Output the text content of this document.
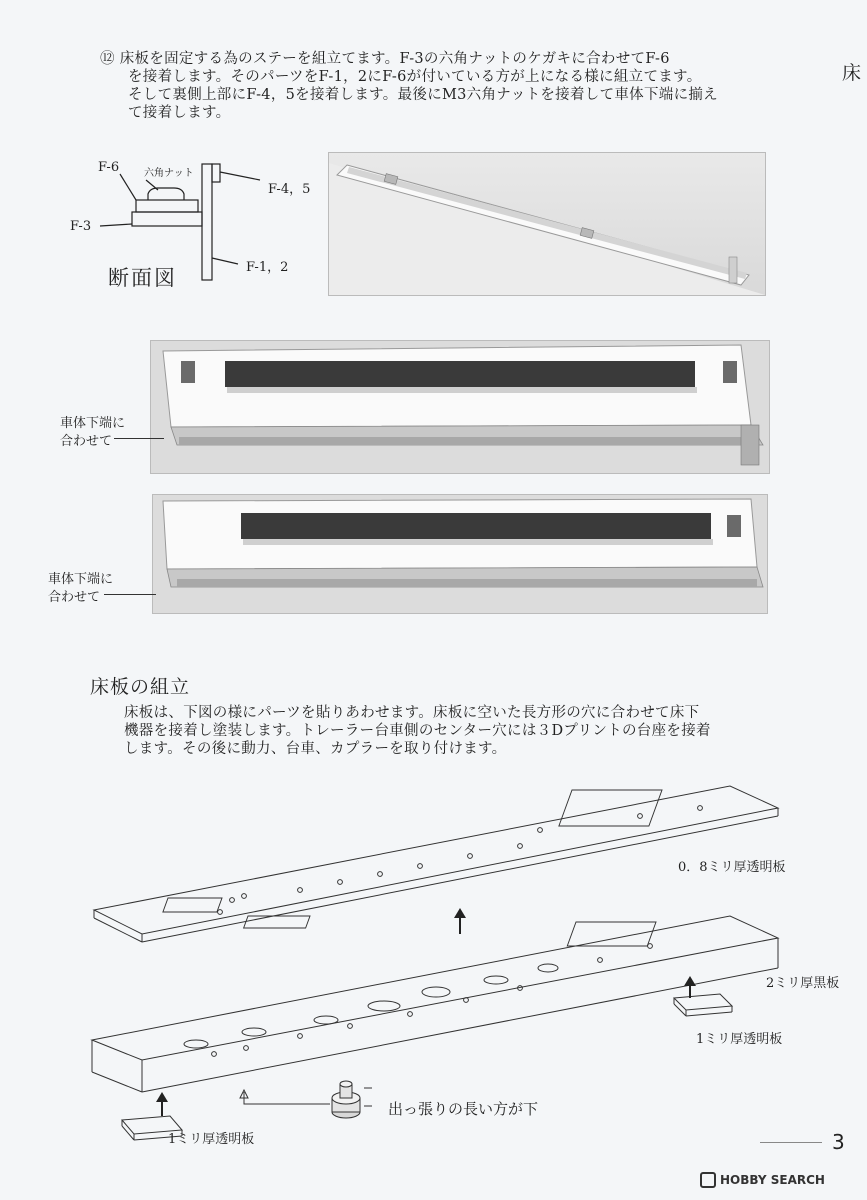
⑫ 床板を固定する為のステーを組立てます。F-3の六角ナットのケガキに合わせてF-6
を接着します。そのパーツをF-1，2にF-6が付いている方が上になる様に組立てます。
そして裏側上部にF-4，5を接着します。最後にM3六角ナットを接着して車体下端に揃え
て接着します。
床
F-6 六角ナット
F-4，5
F-3
F-1，2
断面図
車体下端に
合わせて
車体下端に
合わせて
床板の組立
床板は、下図の様にパーツを貼りあわせます。床板に空いた長方形の穴に合わせて床下
機器を接着し塗装します。トレーラー台車側のセンター穴には３Dプリントの台座を接着
します。その後に動力、台車、カプラーを取り付けます。
0．8ミリ厚透明板
2ミリ厚黒板
1ミリ厚透明板
1ミリ厚透明板
出っ張りの長い方が下
3
HOBBY SEARCH
